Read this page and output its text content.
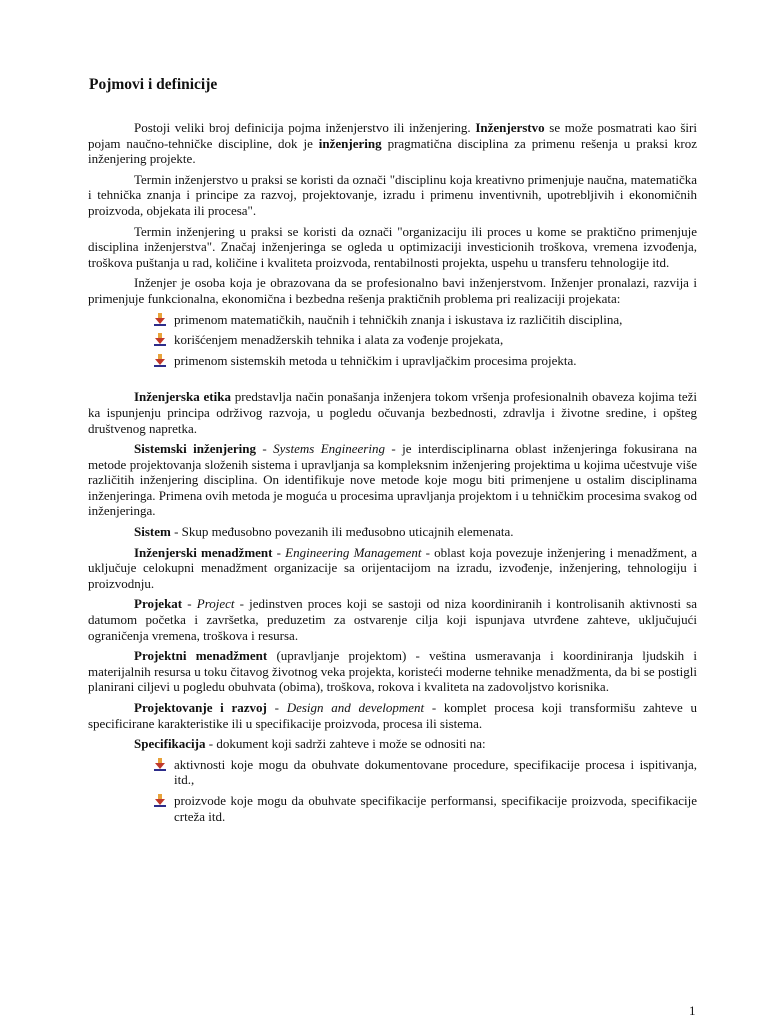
Pojmovi i definicije

Postoji veliki broj definicija pojma inženjerstvo ili inženjering. Inženjerstvo se može posmatrati kao širi pojam naučno-tehničke discipline, dok je inženjering pragmatična disciplina za primenu rešenja u praksi kroz inženjering projekte.

Termin inženjerstvo u praksi se koristi da označi "disciplinu koja kreativno primenjuje naučna, matematička i tehnička znanja i principe za razvoj, projektovanje, izradu i primenu inventivnih, upotrebljivih i ekonomičnih proizvoda, objekata ili procesa".

Termin inženjering u praksi se koristi da označi "organizaciju ili proces u kome se praktično primenjuje disciplina inženjerstva". Značaj inženjeringa se ogleda u optimizaciji investicionih troškova, vremena izvođenja, troškova puštanja u rad, količine i kvaliteta proizvoda, rentabilnosti projekta, uspehu u transferu tehnologije itd.

Inženjer je osoba koja je obrazovana da se profesionalno bavi inženjerstvom. Inženjer pronalazi, razvija i primenjuje funkcionalna, ekonomična i bezbedna rešenja praktičnih problema pri realizaciji projekata:

primenom matematičkih, naučnih i tehničkih znanja i iskustava iz različitih disciplina,
korišćenjem menadžerskih tehnika i alata za vođenje projekata,
primenom sistemskih metoda u tehničkim i upravljačkim procesima projekta.

Inženjerska etika predstavlja način ponašanja inženjera tokom vršenja profesionalnih obaveza kojima teži ka ispunjenju principa održivog razvoja, u pogledu očuvanja bezbednosti, zdravlja i životne sredine, i opšteg društvenog napretka.

Sistemski inženjering - Systems Engineering - je interdisciplinarna oblast inženjeringa fokusirana na metode projektovanja složenih sistema i upravljanja sa kompleksnim inženjering projektima u kojima učestvuje više različitih inženjering disciplina. On identifikuje nove metode koje mogu biti primenjene u ostalim disciplinama inženjeringa. Primena ovih metoda je moguća u procesima upravljanja projektom i u tehničkim procesima svakog od inženjeringa.

Sistem - Skup međusobno povezanih ili međusobno uticajnih elemenata.

Inženjerski menadžment - Engineering Management - oblast koja povezuje inženjering i menadžment, a uključuje celokupni menadžment organizacije sa orijentacijom na izradu, izvođenje, inženjering, tehnologiju i proizvodnju.

Projekat - Project - jedinstven proces koji se sastoji od niza koordiniranih i kontrolisanih aktivnosti sa datumom početka i završetka, preduzetim za ostvarenje cilja koji ispunjava utvrđene zahteve, uključujući ograničenja vremena, troškova i resursa.

Projektni menadžment (upravljanje projektom) - veština usmeravanja i koordiniranja ljudskih i materijalnih resursa u toku čitavog životnog veka projekta, koristeći moderne tehnike menadžmenta, da bi se postigli planirani ciljevi u pogledu obuhvata (obima), troškova, rokova i kvaliteta na zadovoljstvo korisnika.

Projektovanje i razvoj - Design and development - komplet procesa koji transformišu zahteve u specificirane karakteristike ili u specifikacije proizvoda, procesa ili sistema.

Specifikacija - dokument koji sadrži zahteve i može se odnositi na:

aktivnosti koje mogu da obuhvate dokumentovane procedure, specifikacije procesa i ispitivanja, itd.,
proizvode koje mogu da obuhvate specifikacije performansi, specifikacije proizvoda, specifikacije crteža itd.
1
